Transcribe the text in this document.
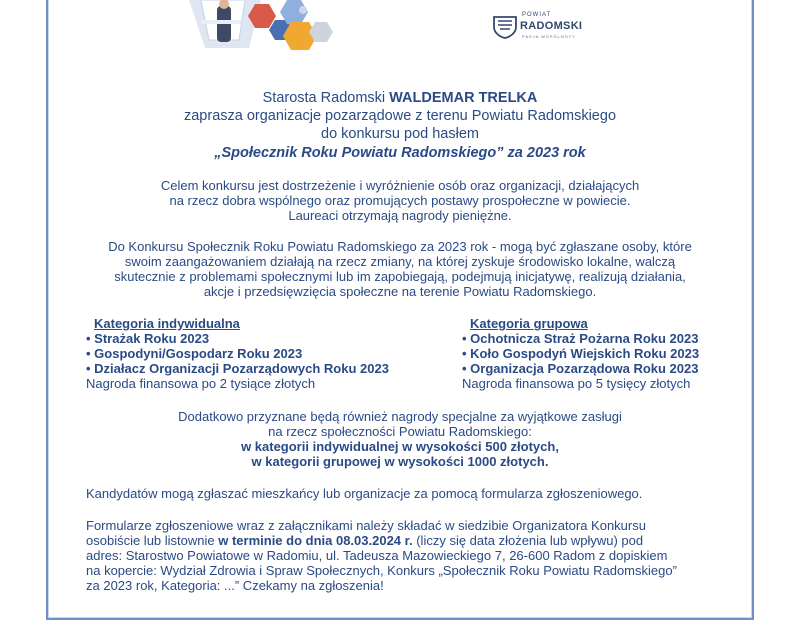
POWIAT
RADOMSKI
PASJA WSPÓLNOTY
Starosta Radomski WALDEMAR TRELKA
zaprasza organizacje pozarządowe z terenu Powiatu Radomskiego
do konkursu pod hasłem
„Społecznik Roku Powiatu Radomskiego” za 2023 rok
Celem konkursu jest dostrzeżenie i wyróżnienie osób oraz organizacji, działających
na rzecz dobra wspólnego oraz promujących postawy prospołeczne w powiecie.
Laureaci otrzymają nagrody pieniężne.
Do Konkursu Społecznik Roku Powiatu Radomskiego za 2023 rok - mogą być zgłaszane osoby, które
swoim zaangażowaniem działają na rzecz zmiany, na której zyskuje środowisko lokalne, walczą
skutecznie z problemami społecznymi lub im zapobiegają, podejmują inicjatywę, realizują działania,
akcje i przedsięwzięcia społeczne na terenie Powiatu Radomskiego.
Kategoria indywidualna
• Strażak Roku 2023
• Gospodyni/Gospodarz Roku 2023
• Działacz Organizacji Pozarządowych Roku 2023
Nagroda finansowa po 2 tysiące złotych
Kategoria grupowa
• Ochotnicza Straż Pożarna Roku 2023
• Koło Gospodyń Wiejskich Roku 2023
• Organizacja Pozarządowa Roku 2023
Nagroda finansowa po 5 tysięcy złotych
Dodatkowo przyznane będą również nagrody specjalne za wyjątkowe zasługi
na rzecz społeczności Powiatu Radomskiego:
w kategorii indywidualnej w wysokości 500 złotych,
w kategorii grupowej w wysokości 1000 złotych.
Kandydatów mogą zgłaszać mieszkańcy lub organizacje za pomocą formularza zgłoszeniowego.
Formularze zgłoszeniowe wraz z załącznikami należy składać w siedzibie Organizatora Konkursu
osobiście lub listownie w terminie do dnia 08.03.2024 r. (liczy się data złożenia lub wpływu) pod
adres: Starostwo Powiatowe w Radomiu, ul. Tadeusza Mazowieckiego 7, 26-600 Radom z dopiskiem
na kopercie: Wydział Zdrowia i Spraw Społecznych, Konkurs „Społecznik Roku Powiatu Radomskiego”
za 2023 rok, Kategoria: ...” Czekamy na zgłoszenia!
